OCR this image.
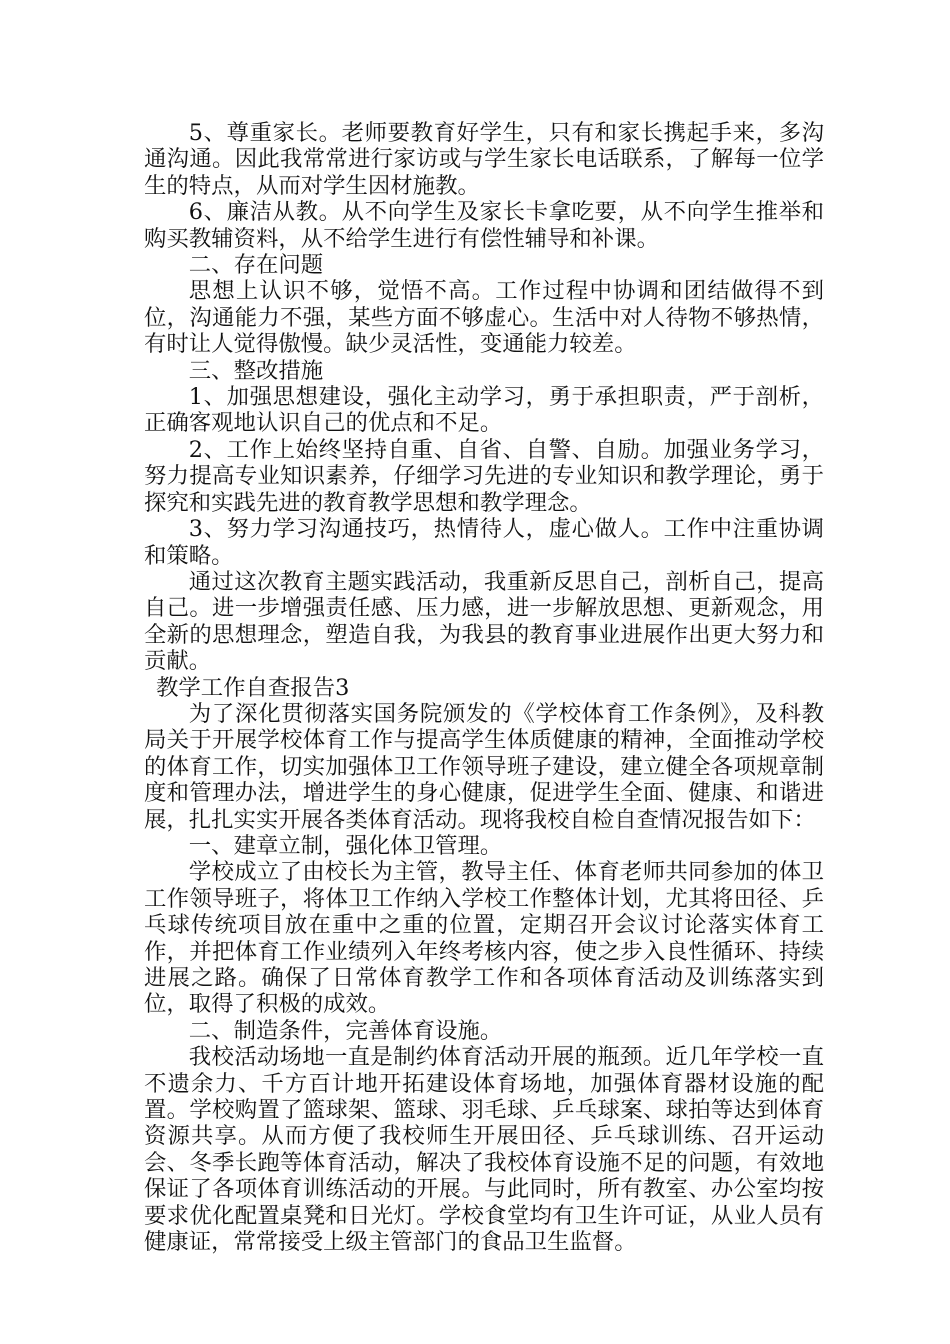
5、尊重家长。老师要教育好学生，只有和家长携起手来，多沟通沟通。因此我常常进行家访或与学生家长电话联系，了解每一位学生的特点，从而对学生因材施教。

6、廉洁从教。从不向学生及家长卡拿吃要，从不向学生推举和购买教辅资料，从不给学生进行有偿性辅导和补课。

二、存在问题

思想上认识不够，觉悟不高。工作过程中协调和团结做得不到位，沟通能力不强，某些方面不够虚心。生活中对人待物不够热情，有时让人觉得傲慢。缺少灵活性，变通能力较差。

三、整改措施

1、加强思想建设，强化主动学习，勇于承担职责，严于剖析，正确客观地认识自己的优点和不足。

2、工作上始终坚持自重、自省、自警、自励。加强业务学习，努力提高专业知识素养，仔细学习先进的专业知识和教学理论，勇于探究和实践先进的教育教学思想和教学理念。

3、努力学习沟通技巧，热情待人，虚心做人。工作中注重协调和策略。

通过这次教育主题实践活动，我重新反思自己，剖析自己，提高自己。进一步增强责任感、压力感，进一步解放思想、更新观念，用全新的思想理念，塑造自我，为我县的教育事业进展作出更大努力和贡献。

教学工作自查报告3

为了深化贯彻落实国务院颁发的《学校体育工作条例》，及科教局关于开展学校体育工作与提高学生体质健康的精神，全面推动学校的体育工作，切实加强体卫工作领导班子建设，建立健全各项规章制度和管理办法，增进学生的身心健康，促进学生全面、健康、和谐进展，扎扎实实开展各类体育活动。现将我校自检自查情况报告如下：

一、建章立制，强化体卫管理。

学校成立了由校长为主管，教导主任、体育老师共同参加的体卫工作领导班子，将体卫工作纳入学校工作整体计划，尤其将田径、乒乓球传统项目放在重中之重的位置，定期召开会议讨论落实体育工作，并把体育工作业绩列入年终考核内容，使之步入良性循环、持续进展之路。确保了日常体育教学工作和各项体育活动及训练落实到位，取得了积极的成效。

二、制造条件，完善体育设施。

我校活动场地一直是制约体育活动开展的瓶颈。近几年学校一直不遗余力、千方百计地开拓建设体育场地，加强体育器材设施的配置。学校购置了篮球架、篮球、羽毛球、乒乓球案、球拍等达到体育资源共享。从而方便了我校师生开展田径、乒乓球训练、召开运动会、冬季长跑等体育活动，解决了我校体育设施不足的问题，有效地保证了各项体育训练活动的开展。与此同时，所有教室、办公室均按要求优化配置桌凳和日光灯。学校食堂均有卫生许可证，从业人员有健康证，常常接受上级主管部门的食品卫生监督。
